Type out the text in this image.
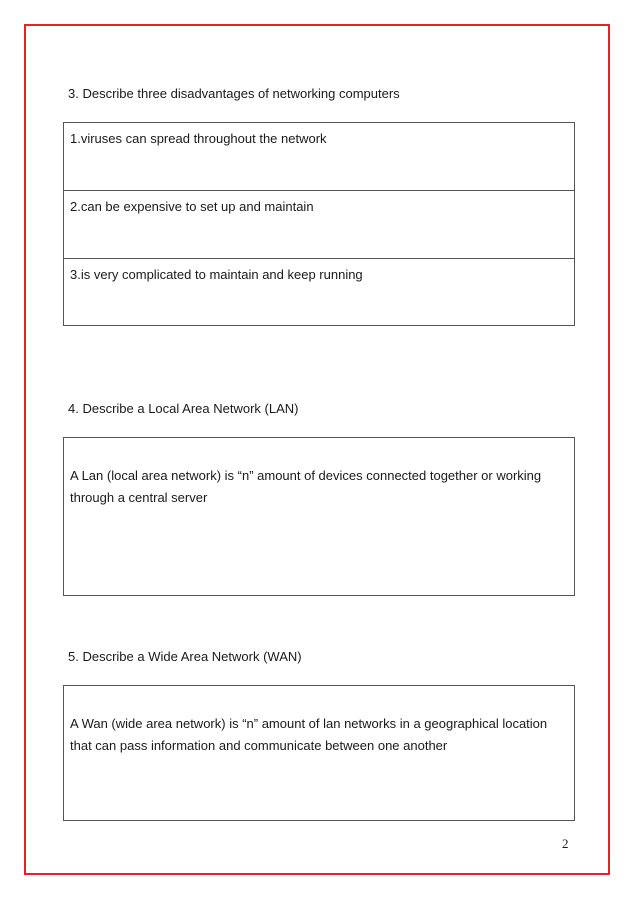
3. Describe three disadvantages of networking computers
1.viruses can spread throughout the network
2.can be expensive to set up and maintain
3.is very complicated to maintain and keep running
4. Describe a Local Area Network (LAN)
A Lan (local area network) is “n” amount of devices connected together or working
through a central server
5. Describe a Wide Area Network (WAN)
A Wan (wide area network) is “n” amount of lan networks in a geographical location
that can pass information and communicate between one another
2
